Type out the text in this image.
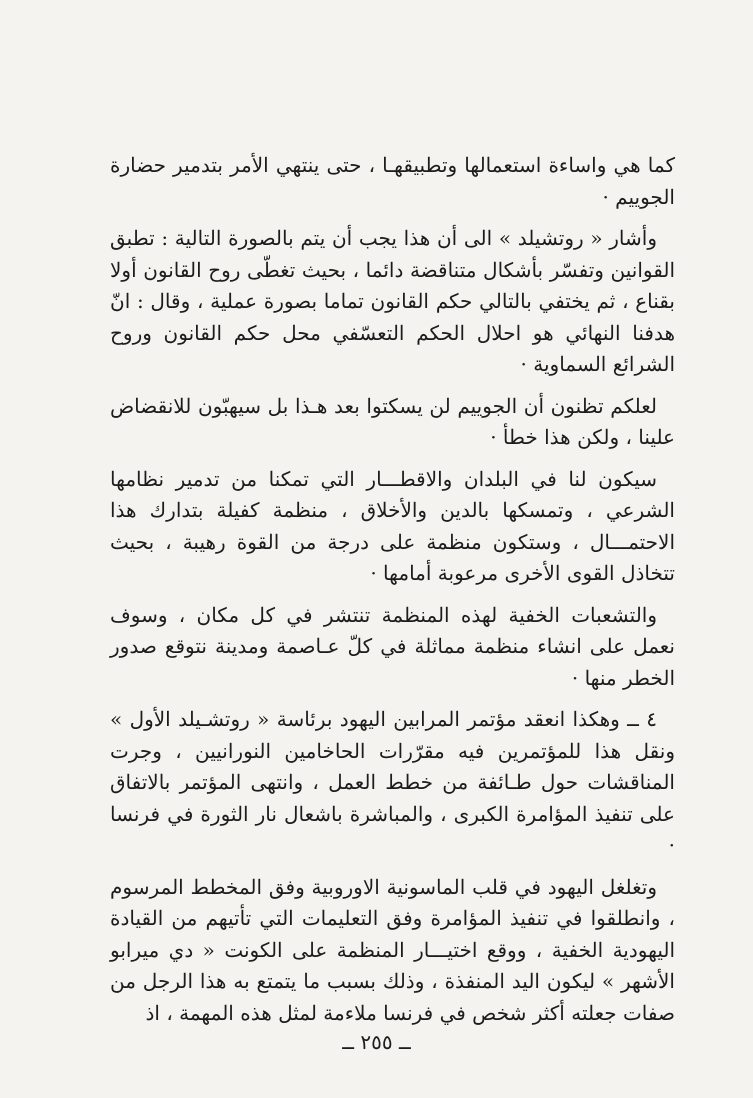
كما هي واساءة استعمالها وتطبيقهـا ، حتى ينتهي الأمر بتدمير حضارة الجوييم ·

وأشار « روتشيلد » الى أن هذا يجب أن يتم بالصورة التالية : تطبق القوانين وتفسّر بأشكال متناقضة دائما ، بحيث تغطّى روح القانون أولا بقناع ، ثم يختفي بالتالي حكم القانون تماما بصورة عملية ، وقال : انّ هدفنا النهائي هو احلال الحكم التعسّفي محل حكم القانون وروح الشرائع السماوية ·

لعلكم تظنون أن الجوييم لن يسكتوا بعد هـذا بل سيهبّون للانقضاض علينا ، ولكن هذا خطأ ·

سيكون لنا في البلدان والاقطـــار التي تمكنا من تدمير نظامها الشرعي ، وتمسكها بالدين والأخلاق ، منظمة كفيلة بتدارك هذا الاحتمـــال ، وستكون منظمة على درجة من القوة رهيبة ، بحيث تتخاذل القوى الأخرى مرعوبة أمامها ·

والتشعبات الخفية لهذه المنظمة تنتشر في كل مكان ، وسوف نعمل على انشاء منظمة مماثلة في كلّ عـاصمة ومدينة نتوقع صدور الخطر منها ·

٤ ــ وهكذا انعقد مؤتمر المرابين اليهود برئاسة « روتشـيلد الأول » ونقل هذا للمؤتمرين فيه مقرّرات الحاخامين النورانيين ، وجرت المناقشات حول طـائفة من خطط العمل ، وانتهى المؤتمر بالاتفاق على تنفيذ المؤامرة الكبرى ، والمباشرة باشعال نار الثورة في فرنسا ·

وتغلغل اليهود في قلب الماسونية الاوروبية وفق المخطط المرسوم ، وانطلقوا في تنفيذ المؤامرة وفق التعليمات التي تأتيهم من القيادة اليهودية الخفية ، ووقع اختيـــار المنظمة على الكونت « دي ميرابو الأشهر » ليكون اليد المنفذة ، وذلك بسبب ما يتمتع به هذا الرجل من صفات جعلته أكثر شخص في فرنسا ملاءمة لمثل هذه المهمة ، اذ

ــ ٢٥٥ ــ
